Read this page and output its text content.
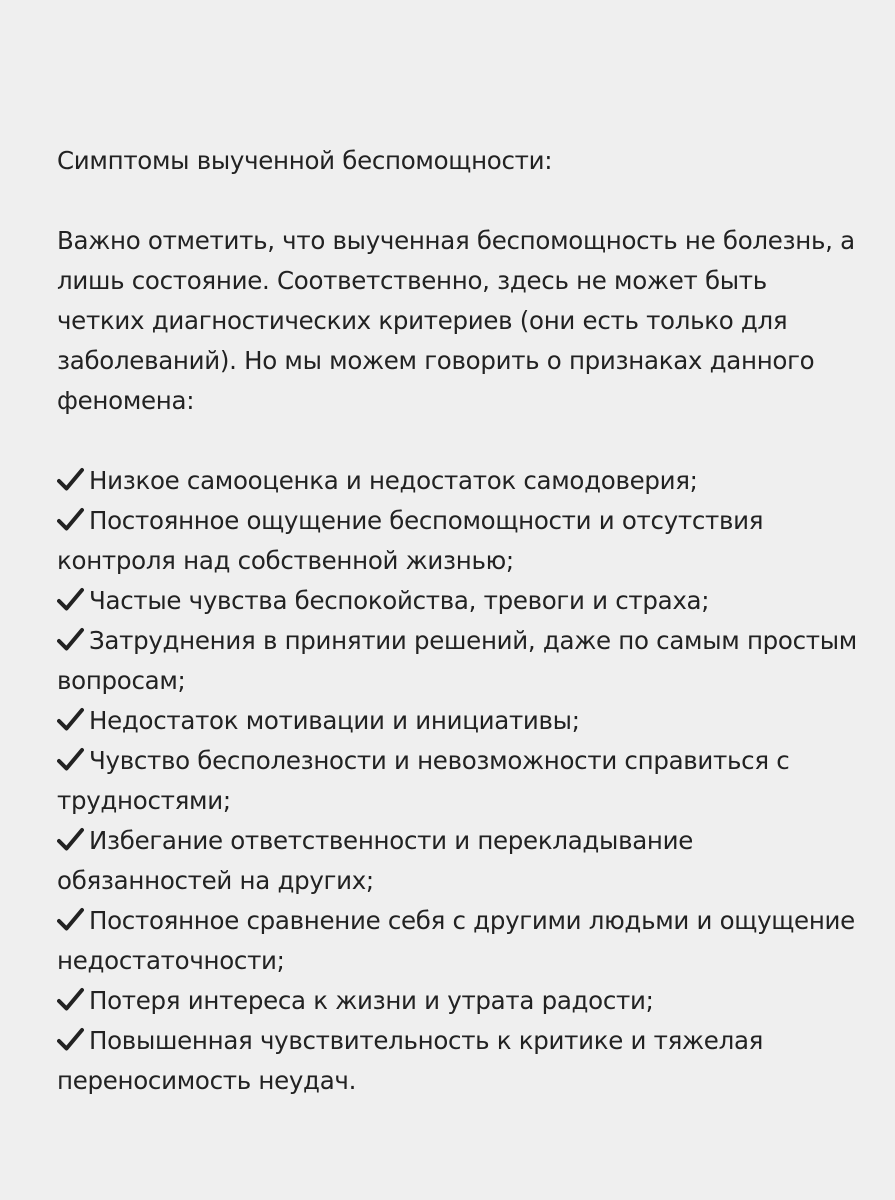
Симптомы выученной беспомощности:

Важно отметить, что выученная беспомощность не болезнь, а лишь состояние. Соответственно, здесь не может быть четких диагностических критериев (они есть только для заболеваний). Но мы можем говорить о признаках данного феномена:

Низкое самооценка и недостаток самодоверия;
Постоянное ощущение беспомощности и отсутствия контроля над собственной жизнью;
Частые чувства беспокойства, тревоги и страха;
Затруднения в принятии решений, даже по самым простым вопросам;
Недостаток мотивации и инициативы;
Чувство бесполезности и невозможности справиться с трудностями;
Избегание ответственности и перекладывание обязанностей на других;
Постоянное сравнение себя с другими людьми и ощущение недостаточности;
Потеря интереса к жизни и утрата радости;
Повышенная чувствительность к критике и тяжелая переносимость неудач.
